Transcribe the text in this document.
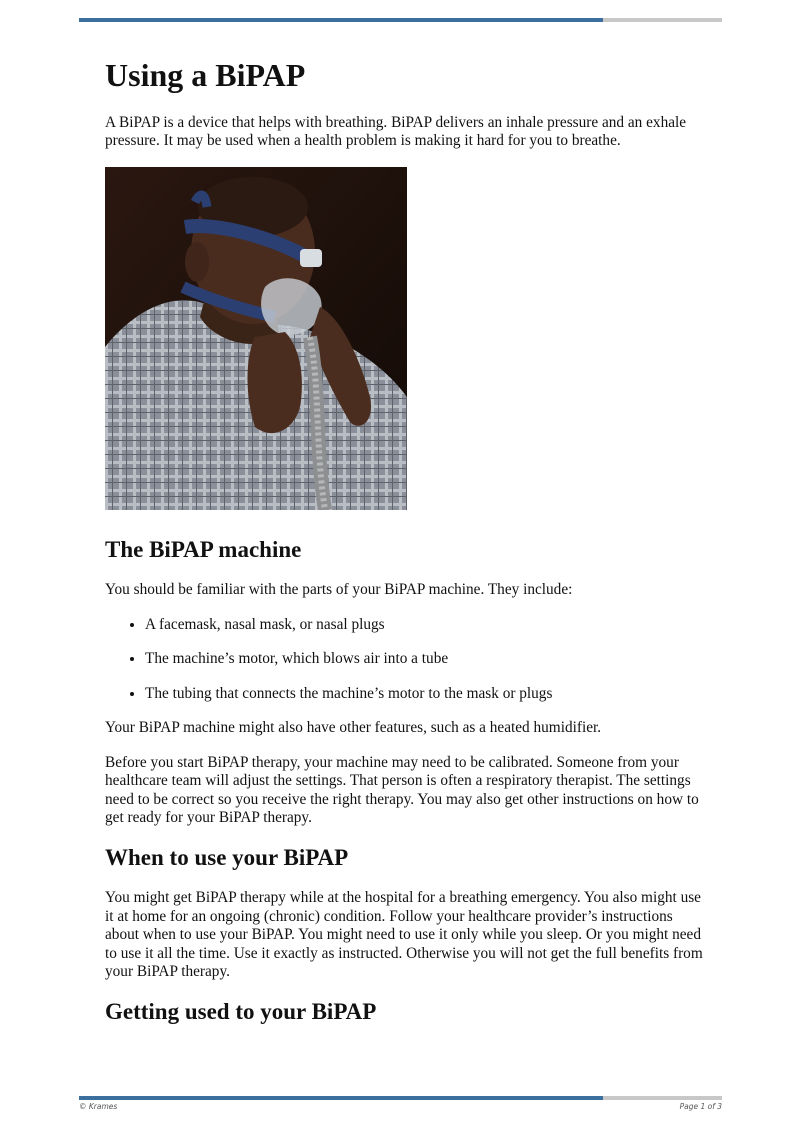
Using a BiPAP

A BiPAP is a device that helps with breathing. BiPAP delivers an inhale pressure and an exhale pressure. It may be used when a health problem is making it hard for you to breathe.

The BiPAP machine

You should be familiar with the parts of your BiPAP machine. They include:

• A facemask, nasal mask, or nasal plugs
• The machine’s motor, which blows air into a tube
• The tubing that connects the machine’s motor to the mask or plugs

Your BiPAP machine might also have other features, such as a heated humidifier.

Before you start BiPAP therapy, your machine may need to be calibrated. Someone from your healthcare team will adjust the settings. That person is often a respiratory therapist. The settings need to be correct so you receive the right therapy. You may also get other instructions on how to get ready for your BiPAP therapy.

When to use your BiPAP

You might get BiPAP therapy while at the hospital for a breathing emergency. You also might use it at home for an ongoing (chronic) condition. Follow your healthcare provider’s instructions about when to use your BiPAP. You might need to use it only while you sleep. Or you might need to use it all the time. Use it exactly as instructed. Otherwise you will not get the full benefits from your BiPAP therapy.

Getting used to your BiPAP
© Krames	Page 1 of 3
